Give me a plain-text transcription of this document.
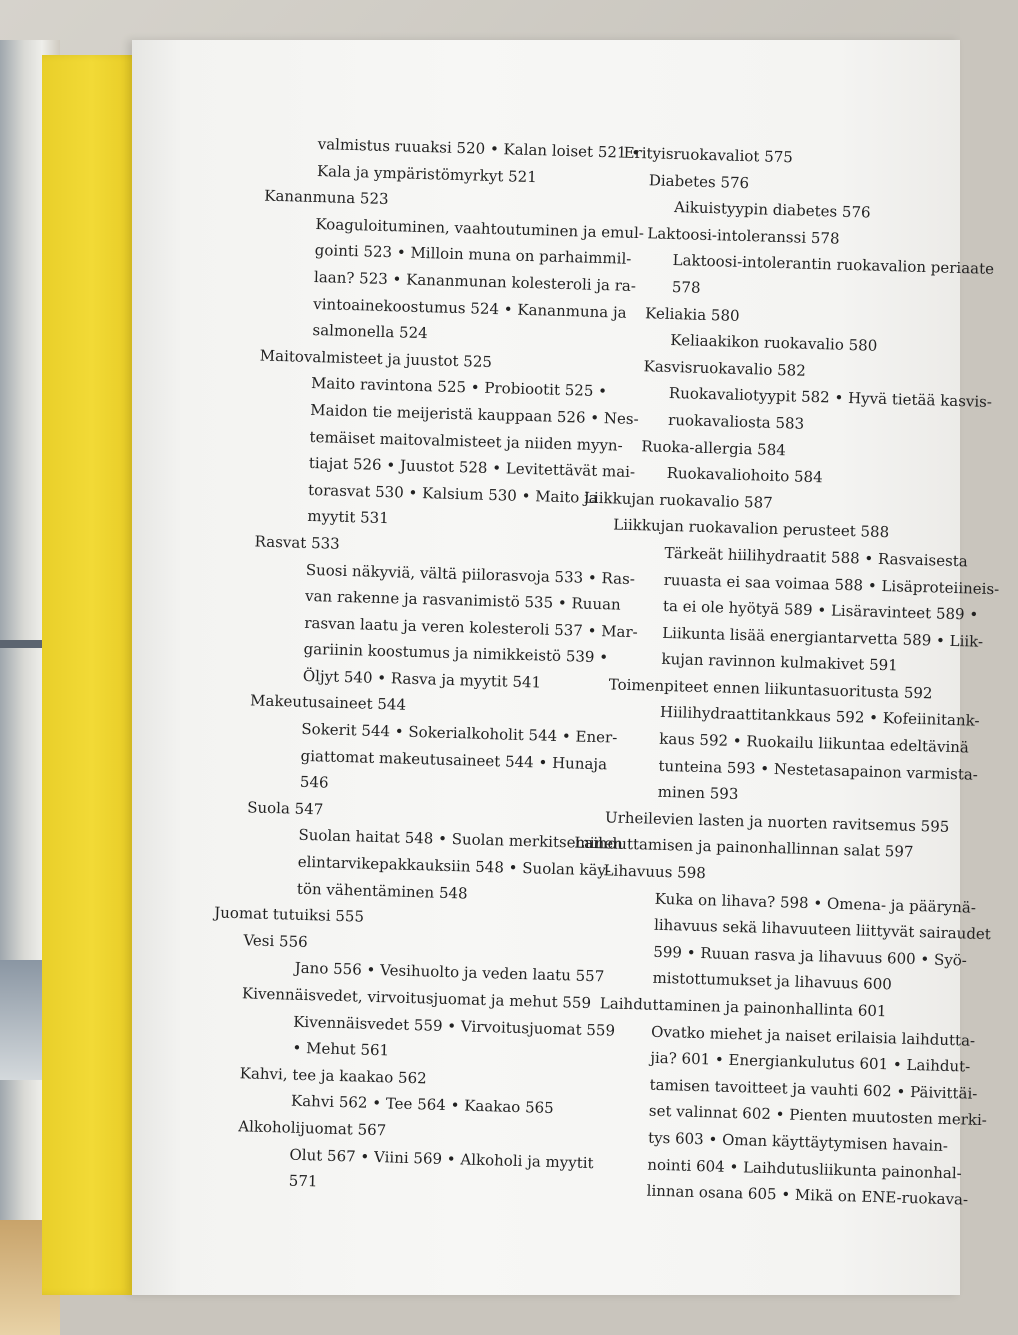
valmistus ruuaksi 520 • Kalan loiset 521 •
Kala ja ympäristömyrkyt 521
Kananmuna 523
Koaguloituminen, vaahtoutuminen ja emul-
gointi 523 • Milloin muna on parhaimmil-
laan? 523 • Kananmunan kolesteroli ja ra-
vintoainekoostumus 524 • Kananmuna ja
salmonella 524
Maitovalmisteet ja juustot 525
Maito ravintona 525 • Probiootit 525 •
Maidon tie meijeristä kauppaan 526 • Nes-
temäiset maitovalmisteet ja niiden myyn-
tiajat 526 • Juustot 528 • Levitettävät mai-
torasvat 530 • Kalsium 530 • Maito ja
myytit 531
Rasvat 533
Suosi näkyviä, vältä piilorasvoja 533 • Ras-
van rakenne ja rasvanimistö 535 • Ruuan
rasvan laatu ja veren kolesteroli 537 • Mar-
gariinin koostumus ja nimikkeistö 539 •
Öljyt 540 • Rasva ja myytit 541
Makeutusaineet 544
Sokerit 544 • Sokerialkoholit 544 • Ener-
giattomat makeutusaineet 544 • Hunaja
546
Suola 547
Suolan haitat 548 • Suolan merkitseminen
elintarvikepakkauksiin 548 • Suolan käy-
tön vähentäminen 548
Juomat tutuiksi 555
Vesi 556
Jano 556 • Vesihuolto ja veden laatu 557
Kivennäisvedet, virvoitusjuomat ja mehut 559
Kivennäisvedet 559 • Virvoitusjuomat 559
• Mehut 561
Kahvi, tee ja kaakao 562
Kahvi 562 • Tee 564 • Kaakao 565
Alkoholijuomat 567
Olut 567 • Viini 569 • Alkoholi ja myytit
571
Erityisruokavaliot 575
Diabetes 576
Aikuistyypin diabetes 576
Laktoosi-intoleranssi 578
Laktoosi-intolerantin ruokavalion periaate
578
Keliakia 580
Keliaakikon ruokavalio 580
Kasvisruokavalio 582
Ruokavaliotyypit 582 • Hyvä tietää kasvis-
ruokavaliosta 583
Ruoka-allergia 584
Ruokavaliohoito 584
Liikkujan ruokavalio 587
Liikkujan ruokavalion perusteet 588
Tärkeät hiilihydraatit 588 • Rasvaisesta
ruuasta ei saa voimaa 588 • Lisäproteiineis-
ta ei ole hyötyä 589 • Lisäravinteet 589 •
Liikunta lisää energiantarvetta 589 • Liik-
kujan ravinnon kulmakivet 591
Toimenpiteet ennen liikuntasuoritusta 592
Hiilihydraattitankkaus 592 • Kofeiinitank-
kaus 592 • Ruokailu liikuntaa edeltävinä
tunteina 593 • Nestetasapainon varmista-
minen 593
Urheilevien lasten ja nuorten ravitsemus 595
Laihduttamisen ja painonhallinnan salat 597
Lihavuus 598
Kuka on lihava? 598 • Omena- ja päärynä-
lihavuus sekä lihavuuteen liittyvät sairaudet
599 • Ruuan rasva ja lihavuus 600 • Syö-
mistottumukset ja lihavuus 600
Laihduttaminen ja painonhallinta 601
Ovatko miehet ja naiset erilaisia laihdutta-
jia? 601 • Energiankulutus 601 • Laihdut-
tamisen tavoitteet ja vauhti 602 • Päivittäi-
set valinnat 602 • Pienten muutosten merki-
tys 603 • Oman käyttäytymisen havain-
nointi 604 • Laihdutusliikunta painonhal-
linnan osana 605 • Mikä on ENE-ruokava-
